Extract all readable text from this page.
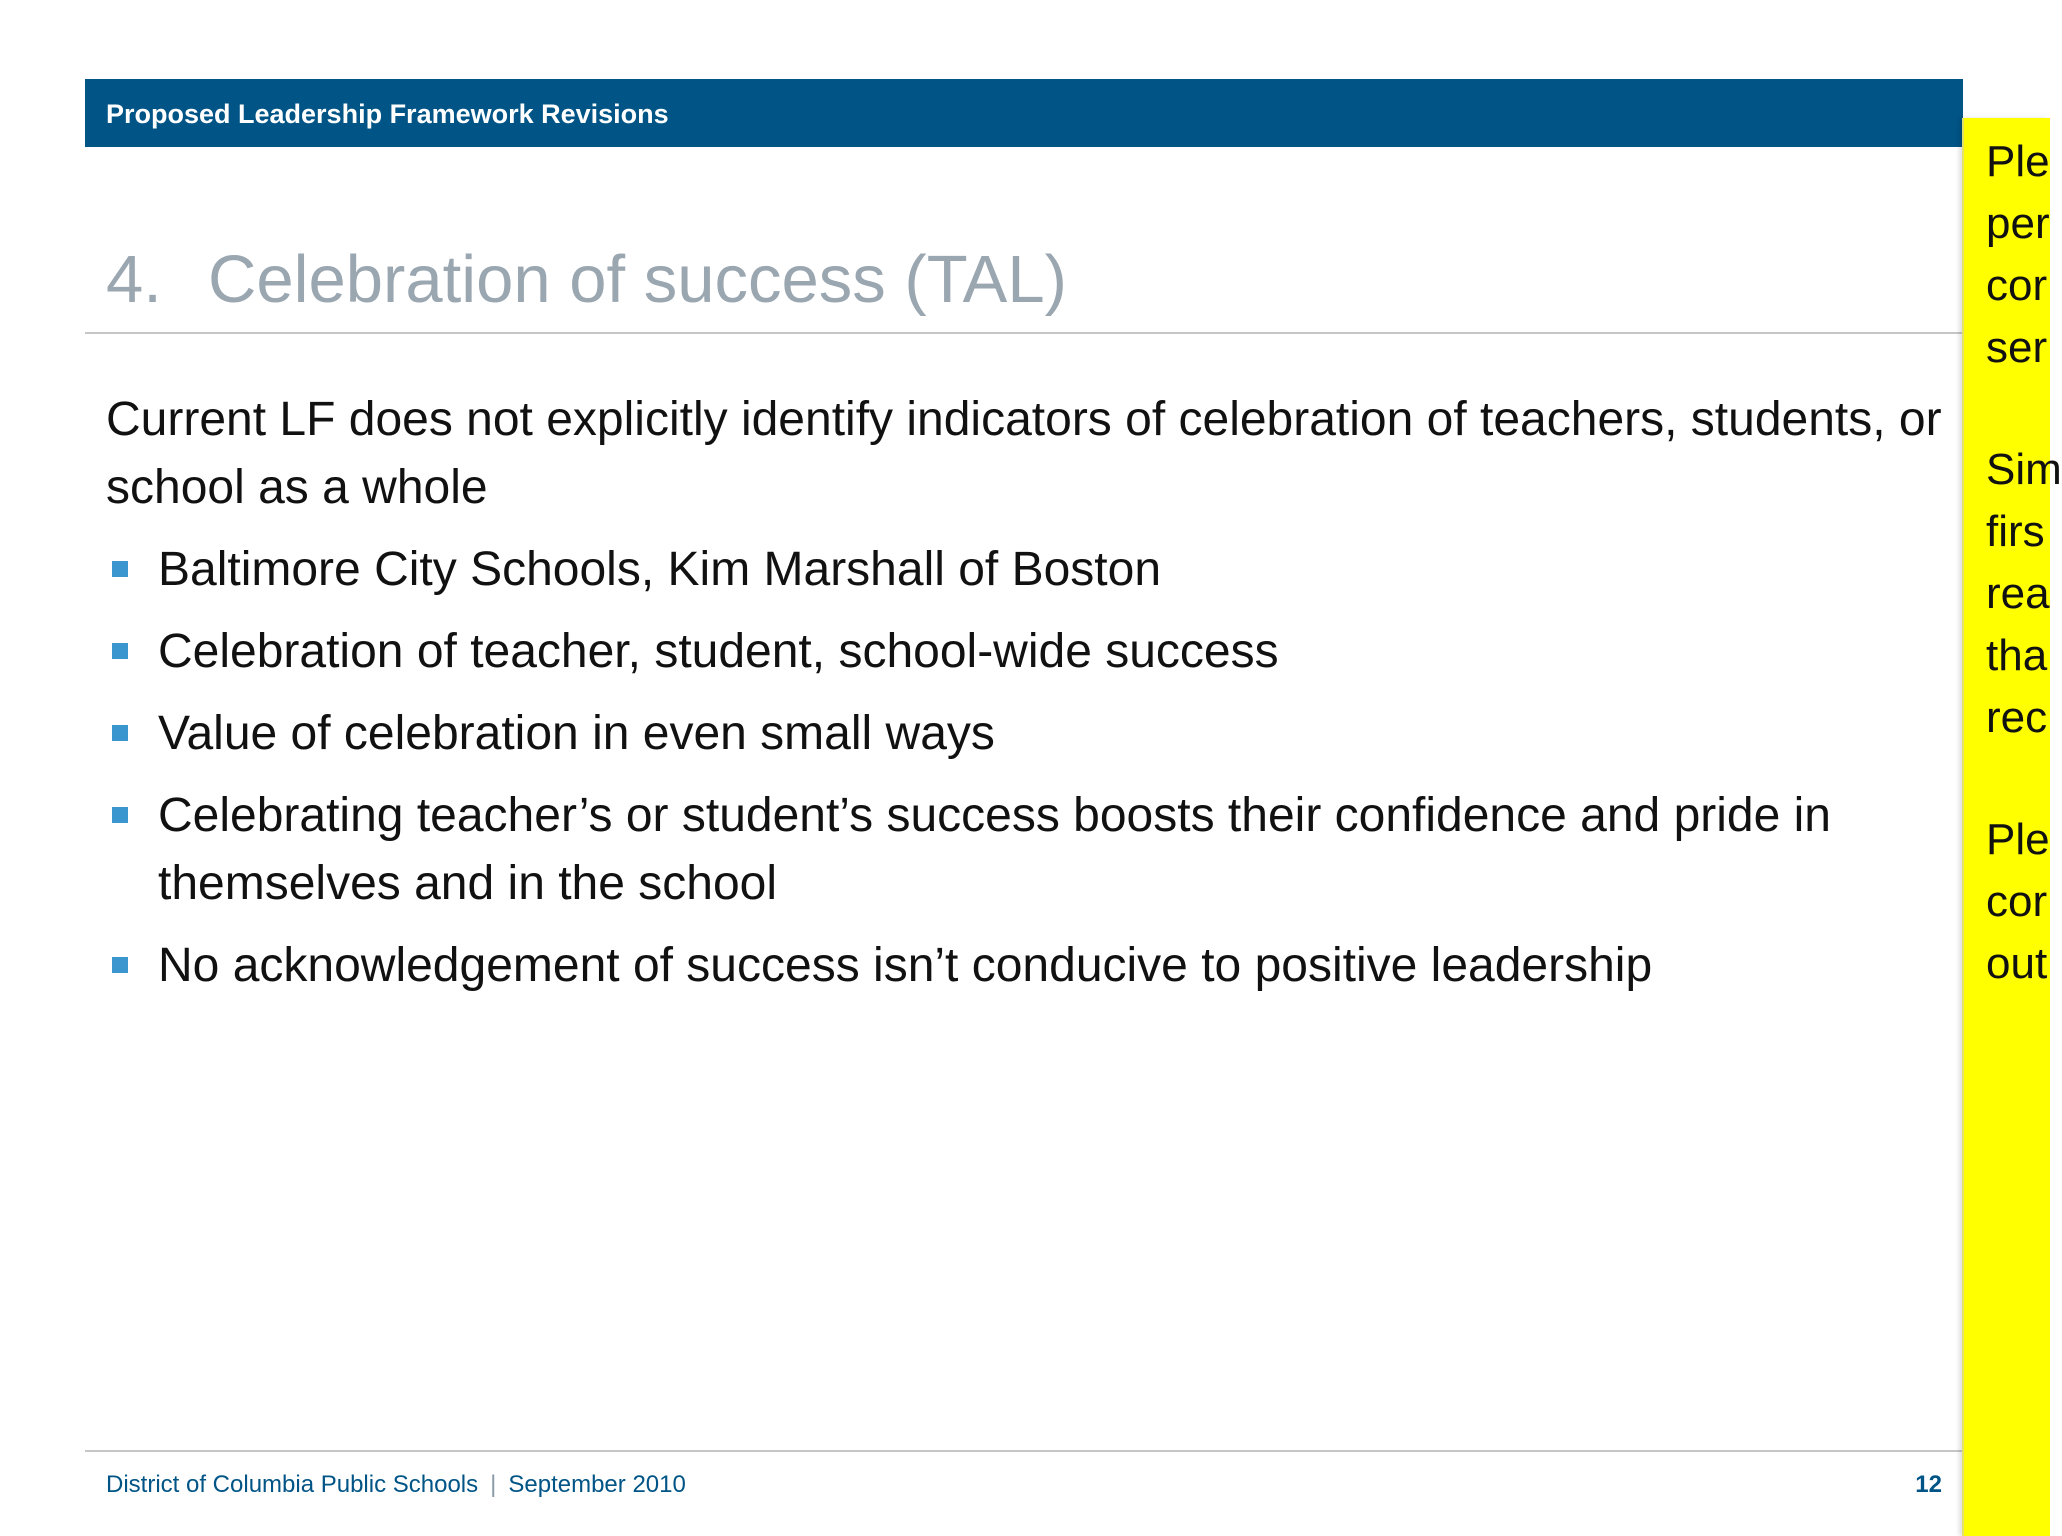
Proposed Leadership Framework Revisions
4. Celebration of success (TAL)
Current LF does not explicitly identify indicators of celebration of teachers, students, or school as a whole
Baltimore City Schools, Kim Marshall of Boston
Celebration of teacher, student, school-wide success
Value of celebration in even small ways
Celebrating teacher’s or student’s success boosts their confidence and pride in themselves and in the school
No acknowledgement of success isn’t conducive to positive leadership
District of Columbia Public Schools | September 2010	12
Ple
per
cor
ser
Sim
firs
rea
tha
rec
Ple
cor
out
